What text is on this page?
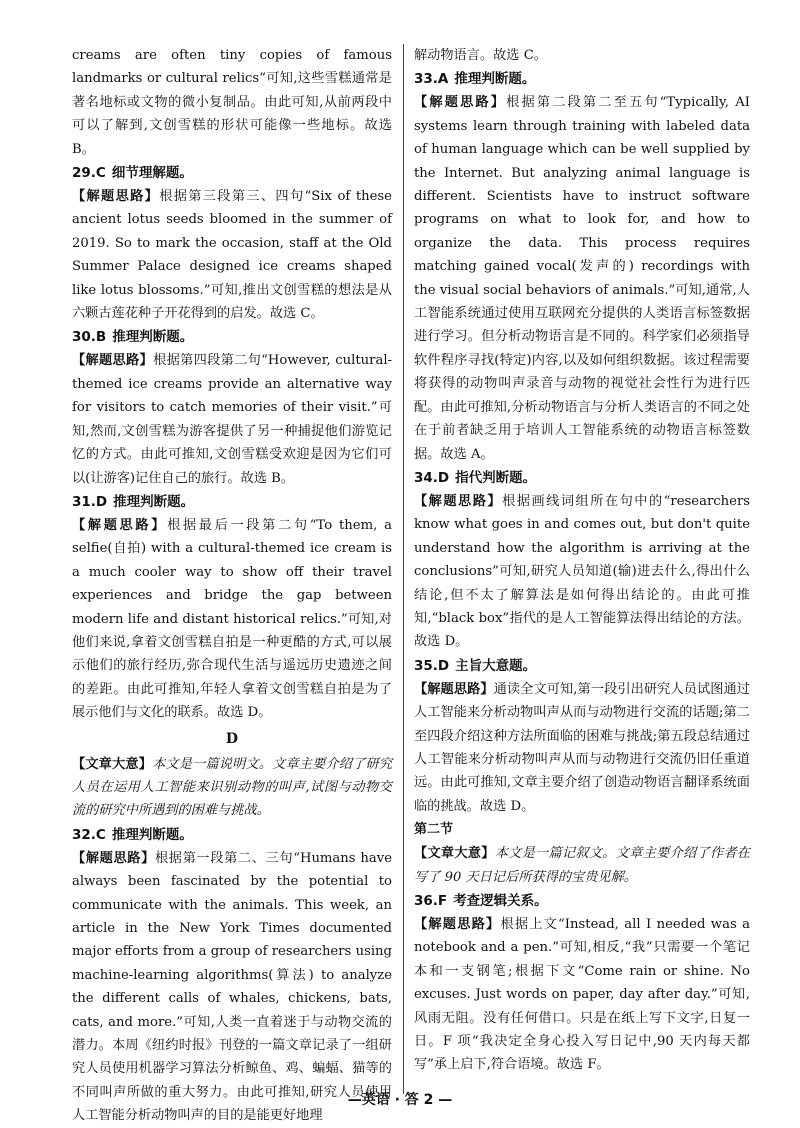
creams are often tiny copies of famous landmarks or cultural relics”可知,这些雪糕通常是著名地标或文物的微小复制品。由此可知,从前两段中可以了解到,文创雪糕的形状可能像一些地标。故选 B。

29.C 细节理解题。

【解题思路】根据第三段第三、四句“Six of these ancient lotus seeds bloomed in the summer of 2019. So to mark the occasion, staff at the Old Summer Palace designed ice creams shaped like lotus blossoms.”可知,推出文创雪糕的想法是从六颗古莲花种子开花得到的启发。故选 C。

30.B 推理判断题。

【解题思路】根据第四段第二句“However, cultural-themed ice creams provide an alternative way for visitors to catch memories of their visit.”可知,然而,文创雪糕为游客提供了另一种捕捉他们游览记忆的方式。由此可推知,文创雪糕受欢迎是因为它们可以(让游客)记住自己的旅行。故选 B。

31.D 推理判断题。

【解题思路】根据最后一段第二句“To them, a selfie(自拍) with a cultural-themed ice cream is a much cooler way to show off their travel experiences and bridge the gap between modern life and distant historical relics.”可知,对他们来说,拿着文创雪糕自拍是一种更酷的方式,可以展示他们的旅行经历,弥合现代生活与遥远历史遗迹之间的差距。由此可推知,年轻人拿着文创雪糕自拍是为了展示他们与文化的联系。故选 D。

D

【文章大意】本文是一篇说明文。文章主要介绍了研究人员在运用人工智能来识别动物的叫声,试图与动物交流的研究中所遇到的困难与挑战。

32.C 推理判断题。

【解题思路】根据第一段第二、三句“Humans have always been fascinated by the potential to communicate with the animals. This week, an article in the New York Times documented major efforts from a group of researchers using machine-learning algorithms(算法) to analyze the different calls of whales, chickens, bats, cats, and more.”可知,人类一直着迷于与动物交流的潜力。本周《纽约时报》刊登的一篇文章记录了一组研究人员使用机器学习算法分析鲸鱼、鸡、蝙蝠、猫等的不同叫声所做的重大努力。由此可推知,研究人员使用人工智能分析动物叫声的目的是能更好地理

解动物语言。故选 C。

33.A 推理判断题。

【解题思路】根据第二段第二至五句“Typically, AI systems learn through training with labeled data of human language which can be well supplied by the Internet. But analyzing animal language is different. Scientists have to instruct software programs on what to look for, and how to organize the data. This process requires matching gained vocal(发声的) recordings with the visual social behaviors of animals.”可知,通常,人工智能系统通过使用互联网充分提供的人类语言标签数据进行学习。但分析动物语言是不同的。科学家们必须指导软件程序寻找(特定)内容,以及如何组织数据。该过程需要将获得的动物叫声录音与动物的视觉社会性行为进行匹配。由此可推知,分析动物语言与分析人类语言的不同之处在于前者缺乏用于培训人工智能系统的动物语言标签数据。故选 A。

34.D 指代判断题。

【解题思路】根据画线词组所在句中的“researchers know what goes in and comes out, but don't quite understand how the algorithm is arriving at the conclusions”可知,研究人员知道(输)进去什么,得出什么结论,但不太了解算法是如何得出结论的。由此可推知,“black box”指代的是人工智能算法得出结论的方法。故选 D。

35.D 主旨大意题。

【解题思路】通读全文可知,第一段引出研究人员试图通过人工智能来分析动物叫声从而与动物进行交流的话题;第二至四段介绍这种方法所面临的困难与挑战;第五段总结通过人工智能来分析动物叫声从而与动物进行交流仍旧任重道远。由此可推知,文章主要介绍了创造动物语言翻译系统面临的挑战。故选 D。

第二节

【文章大意】本文是一篇记叙文。文章主要介绍了作者在写了 90 天日记后所获得的宝贵见解。

36.F 考查逻辑关系。

【解题思路】根据上文“Instead, all I needed was a notebook and a pen.”可知,相反,“我”只需要一个笔记本和一支钢笔;根据下文“Come rain or shine. No excuses. Just words on paper, day after day.”可知,风雨无阻。没有任何借口。只是在纸上写下文字,日复一日。F 项“我决定全身心投入写日记中,90 天内每天都写”承上启下,符合语境。故选 F。

—英语 · 答 2 —
